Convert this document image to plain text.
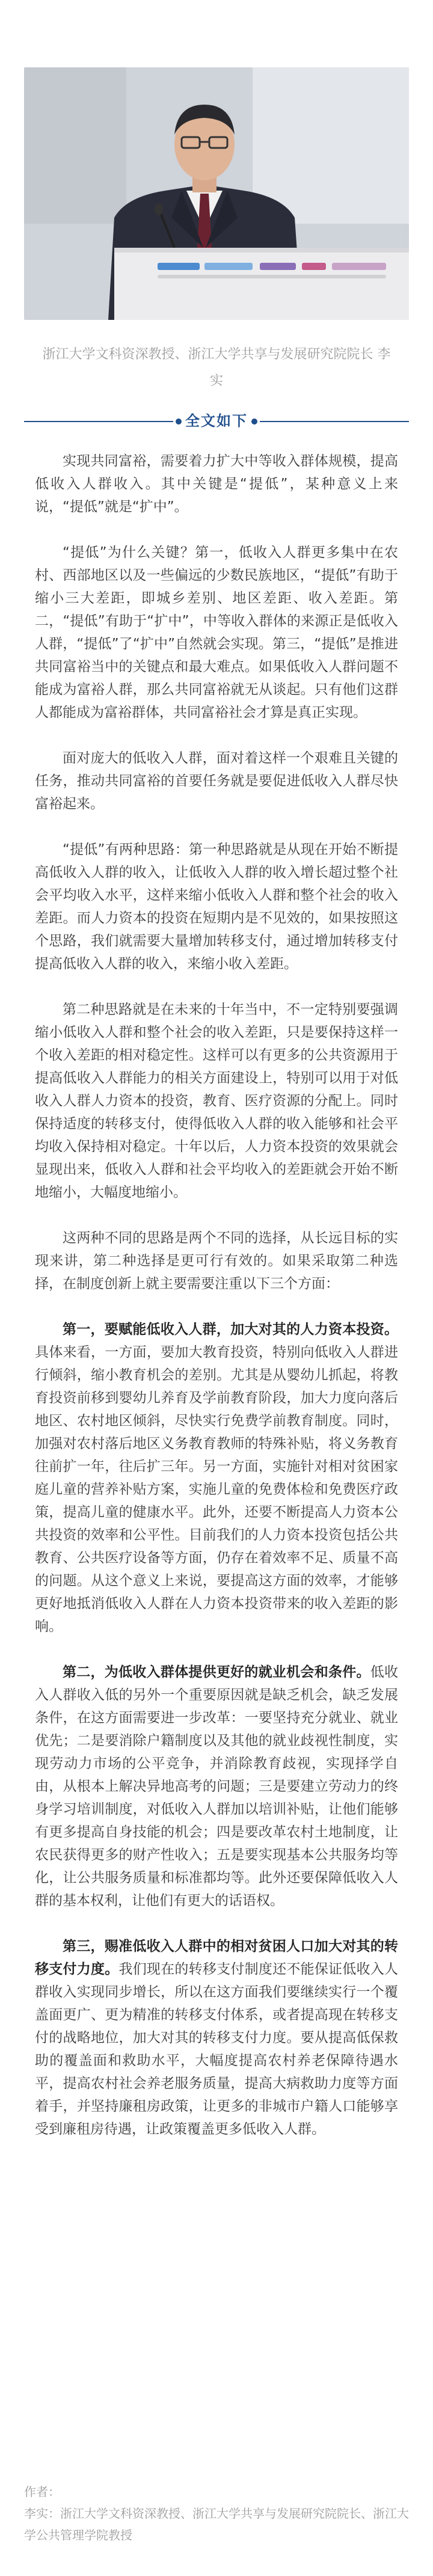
浙江大学文科资深教授、浙江大学共享与发展研究院院长 李实
全文如下

实现共同富裕，需要着力扩大中等收入群体规模，提高低收入人群收入。其中关键是“提低”，某种意义上来说，“提低”就是“扩中”。

“提低”为什么关键？第一，低收入人群更多集中在农村、西部地区以及一些偏远的少数民族地区，“提低”有助于缩小三大差距，即城乡差别、地区差距、收入差距。第二，“提低”有助于“扩中”，中等收入群体的来源正是低收入人群，“提低”了“扩中”自然就会实现。第三，“提低”是推进共同富裕当中的关键点和最大难点。如果低收入人群问题不能成为富裕人群，那么共同富裕就无从谈起。只有他们这群人都能成为富裕群体，共同富裕社会才算是真正实现。

面对庞大的低收入人群，面对着这样一个艰难且关键的任务，推动共同富裕的首要任务就是要促进低收入人群尽快富裕起来。

“提低”有两种思路：第一种思路就是从现在开始不断提高低收入人群的收入，让低收入人群的收入增长超过整个社会平均收入水平，这样来缩小低收入人群和整个社会的收入差距。而人力资本的投资在短期内是不见效的，如果按照这个思路，我们就需要大量增加转移支付，通过增加转移支付提高低收入人群的收入，来缩小收入差距。

第二种思路就是在未来的十年当中，不一定特别要强调缩小低收入人群和整个社会的收入差距，只是要保持这样一个收入差距的相对稳定性。这样可以有更多的公共资源用于提高低收入人群能力的相关方面建设上，特别可以用于对低收入人群人力资本的投资，教育、医疗资源的分配上。同时保持适度的转移支付，使得低收入人群的收入能够和社会平均收入保持相对稳定。十年以后，人力资本投资的效果就会显现出来，低收入人群和社会平均收入的差距就会开始不断地缩小，大幅度地缩小。

这两种不同的思路是两个不同的选择，从长远目标的实现来讲，第二种选择是更可行有效的。如果采取第二种选择，在制度创新上就主要需要注重以下三个方面：

第一，要赋能低收入人群，加大对其的人力资本投资。具体来看，一方面，要加大教育投资，特别向低收入人群进行倾斜，缩小教育机会的差别。尤其是从婴幼儿抓起，将教育投资前移到婴幼儿养育及学前教育阶段，加大力度向落后地区、农村地区倾斜，尽快实行免费学前教育制度。同时，加强对农村落后地区义务教育教师的特殊补贴，将义务教育往前扩一年，往后扩三年。另一方面，实施针对相对贫困家庭儿童的营养补贴方案，实施儿童的免费体检和免费医疗政策，提高儿童的健康水平。此外，还要不断提高人力资本公共投资的效率和公平性。目前我们的人力资本投资包括公共教育、公共医疗设备等方面，仍存在着效率不足、质量不高的问题。从这个意义上来说，要提高这方面的效率，才能够更好地抵消低收入人群在人力资本投资带来的收入差距的影响。

第二，为低收入群体提供更好的就业机会和条件。低收入人群收入低的另外一个重要原因就是缺乏机会，缺乏发展条件，在这方面需要进一步改革：一要坚持充分就业、就业优先；二是要消除户籍制度以及其他的就业歧视性制度，实现劳动力市场的公平竞争，并消除教育歧视，实现择学自由，从根本上解决异地高考的问题；三是要建立劳动力的终身学习培训制度，对低收入人群加以培训补贴，让他们能够有更多提高自身技能的机会；四是要改革农村土地制度，让农民获得更多的财产性收入；五是要实现基本公共服务均等化，让公共服务质量和标准都均等。此外还要保障低收入人群的基本权利，让他们有更大的话语权。

第三，赐准低收入人群中的相对贫困人口加大对其的转移支付力度。我们现在的转移支付制度还不能保证低收入人群收入实现同步增长，所以在这方面我们要继续实行一个覆盖面更广、更为精准的转移支付体系，或者提高现在转移支付的战略地位，加大对其的转移支付力度。要从提高低保救助的覆盖面和救助水平，大幅度提高农村养老保障待遇水平，提高农村社会养老服务质量，提高大病救助力度等方面着手，并坚持廉租房政策，让更多的非城市户籍人口能够享受到廉租房待遇，让政策覆盖更多低收入人群。

作者：
李实：浙江大学文科资深教授、浙江大学共享与发展研究院院长、浙江大学公共管理学院教授
